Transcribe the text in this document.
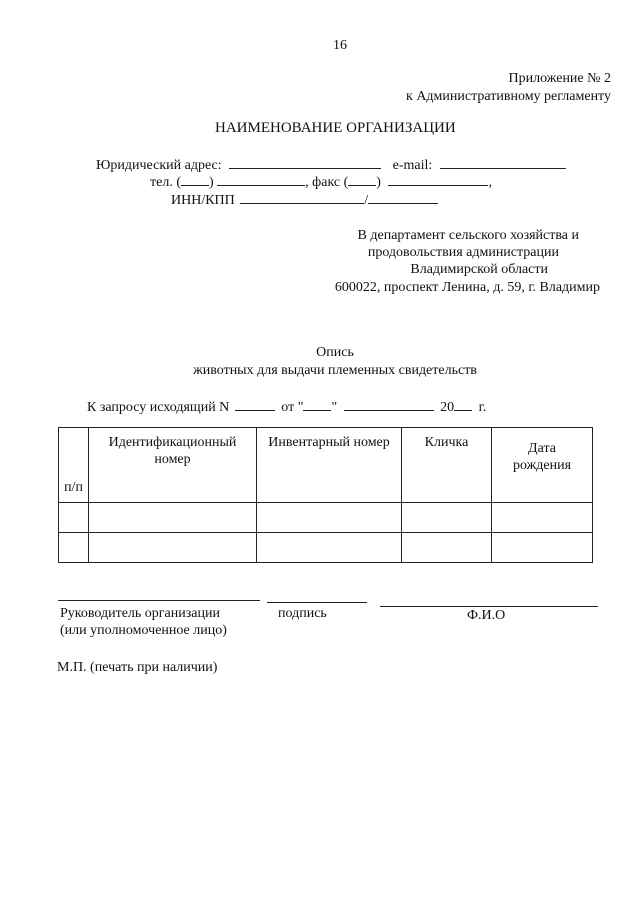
16
Приложение № 2
к Административному регламенту
НАИМЕНОВАНИЕ ОРГАНИЗАЦИИ
Юридический адрес:	e-mail:
тел. ( )	, факс ( )	,
ИНН/КПП	/
В департамент сельского хозяйства и
продовольствия администрации
Владимирской области
600022, проспект Ленина, д. 59, г. Владимир
Опись
животных для выдачи племенных свидетельств
К запросу исходящий N	от " "	20 г.
п/п	Идентификационный номер	Инвентарный номер	Кличка	Дата рождения

Руководитель организации
(или уполномоченное лицо)
подпись	Ф.И.О
М.П. (печать при наличии)
